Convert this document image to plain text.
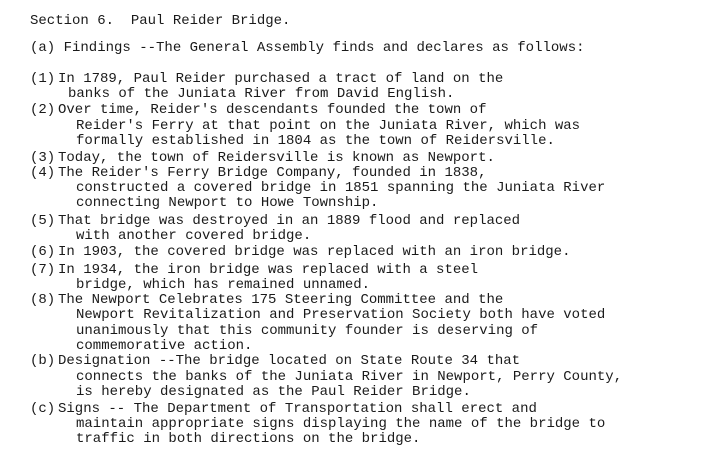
Section 6.  Paul Reider Bridge.
(a) Findings --The General Assembly finds and declares as follows:
(1) In 1789, Paul Reider purchased a tract of land on the
banks of the Juniata River from David English.
(2) Over time, Reider's descendants founded the town of
Reider's Ferry at that point on the Juniata River, which was
formally established in 1804 as the town of Reidersville.
(3) Today, the town of Reidersville is known as Newport.
(4) The Reider's Ferry Bridge Company, founded in 1838,
constructed a covered bridge in 1851 spanning the Juniata River
connecting Newport to Howe Township.
(5) That bridge was destroyed in an 1889 flood and replaced
with another covered bridge.
(6) In 1903, the covered bridge was replaced with an iron bridge.
(7) In 1934, the iron bridge was replaced with a steel
bridge, which has remained unnamed.
(8) The Newport Celebrates 175 Steering Committee and the
Newport Revitalization and Preservation Society both have voted
unanimously that this community founder is deserving of
commemorative action.
(b) Designation --The bridge located on State Route 34 that
connects the banks of the Juniata River in Newport, Perry County,
is hereby designated as the Paul Reider Bridge.
(c) Signs -- The Department of Transportation shall erect and
maintain appropriate signs displaying the name of the bridge to
traffic in both directions on the bridge.
